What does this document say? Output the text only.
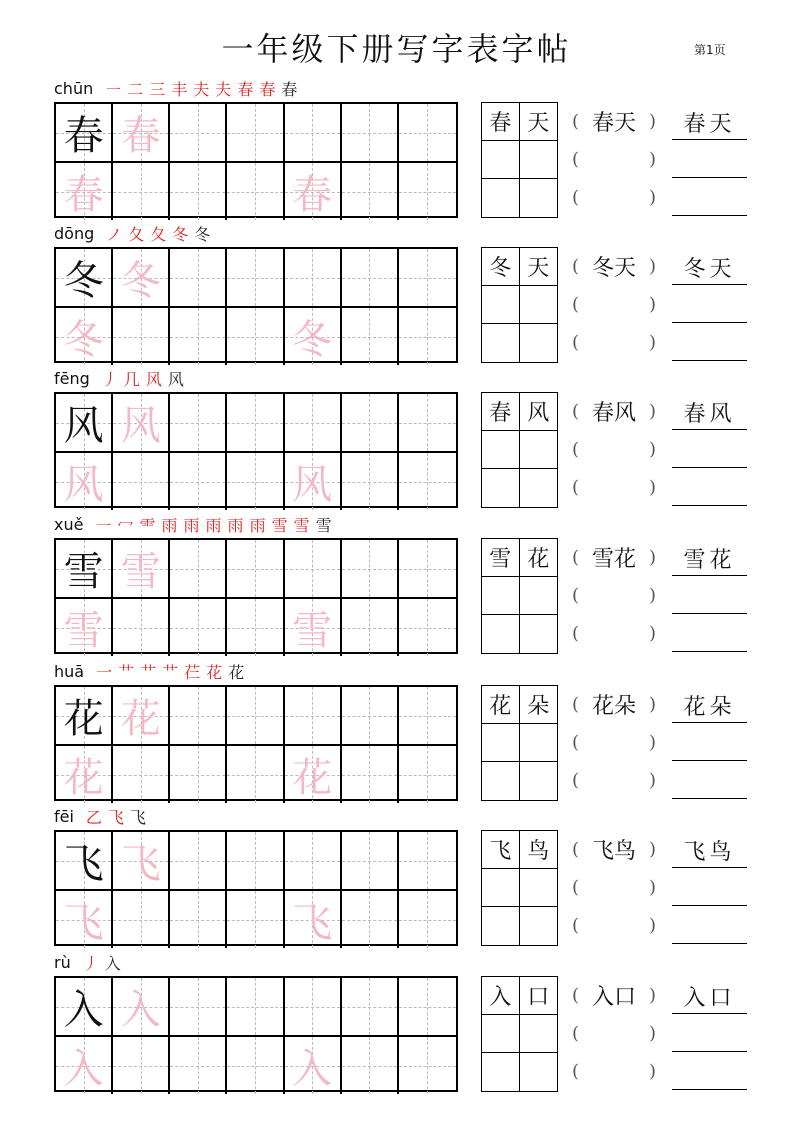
一年级下册写字表字帖	第1页
chūn ㇐ 二 三 丰 夫 夫 春 春 春
春 春
春	春
春 天 ( 春天 ) 春天
(	)
(	)
dōng ノ 夂 夂 冬 冬
冬 冬
冬	冬
冬 天 ( 冬天 ) 冬天
(	)
(	)
fēng 丿 几 风 风
风 风
风	风
春 风 ( 春风 ) 春风
(	)
(	)
xuě ㇐ 冖 ⻗ 雨 雨 雨 雨 雨 雪 雪 雪
雪 雪
雪	雪
雪 花 ( 雪花 ) 雪花
(	)
(	)
huā 一 艹 艹 艹 芢 花 花
花 花
花	花
花 朵 ( 花朵 ) 花朵
(	)
(	)
fēi 乙 飞 飞
飞 飞
飞	飞
飞 鸟 ( 飞鸟 ) 飞鸟
(	)
(	)
rù 丿 入
入 入
入	入
入 口 ( 入口 ) 入口
(	)
(	)
